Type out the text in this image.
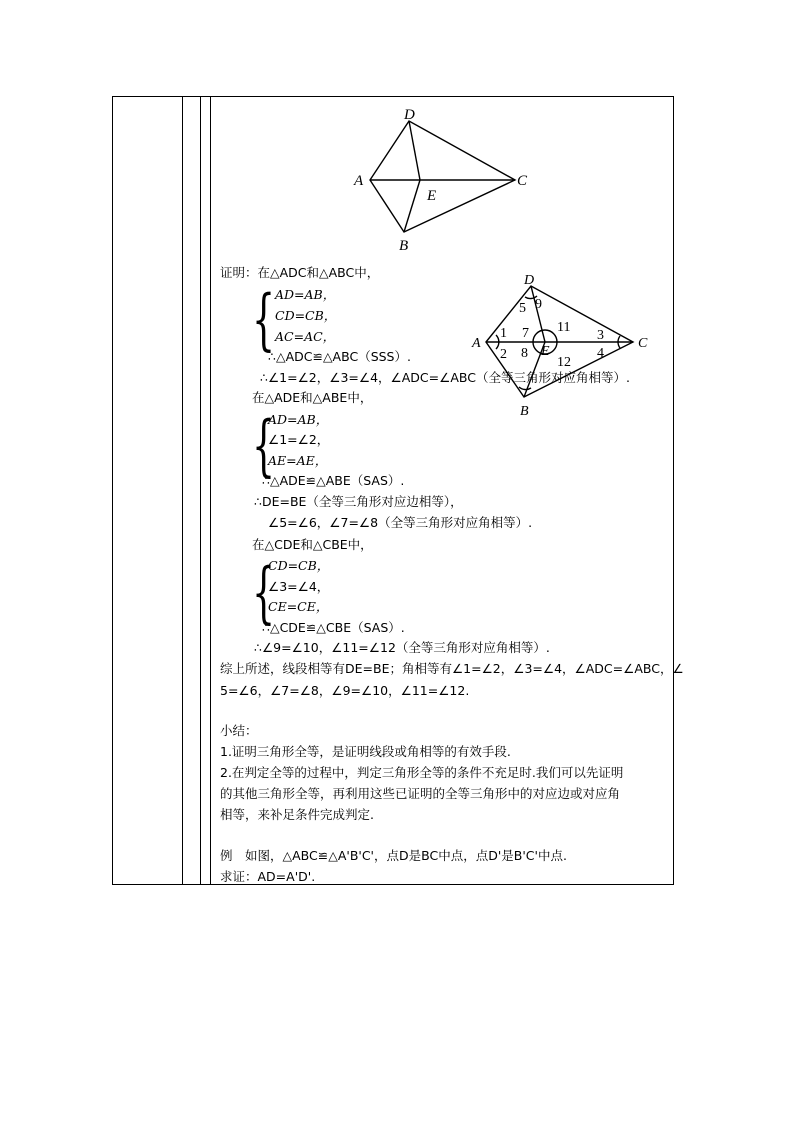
D
A	C
E
B
D
A	C
E
B
1
2
3
4
5
7
8
9
11
12
{
{
{
证明：在△ADC和△ABC中，
AD=AB，
CD=CB，
AC=AC，
∴△ADC≌△ABC（SSS）.
∴∠1=∠2，∠3=∠4，∠ADC=∠ABC（全等三角形对应角相等）.
在△ADE和△ABE中，
AD=AB，
∠1=∠2，
AE=AE，
∴△ADE≌△ABE（SAS）.
∴DE=BE（全等三角形对应边相等），
∠5=∠6，∠7=∠8（全等三角形对应角相等）.
在△CDE和△CBE中，
CD=CB，
∠3=∠4，
CE=CE，
∴△CDE≌△CBE（SAS）.
∴∠9=∠10，∠11=∠12（全等三角形对应角相等）.
综上所述，线段相等有DE=BE；角相等有∠1=∠2，∠3=∠4，∠ADC=∠ABC，∠
5=∠6，∠7=∠8，∠9=∠10，∠11=∠12.
小结：
1.证明三角形全等，是证明线段或角相等的有效手段.
2.在判定全等的过程中，判定三角形全等的条件不充足时.我们可以先证明
的其他三角形全等，再利用这些已证明的全等三角形中的对应边或对应角
相等，来补足条件完成判定.
例　如图，△ABC≌△A'B'C'，点D是BC中点，点D'是B'C'中点.
求证：AD=A'D'.
